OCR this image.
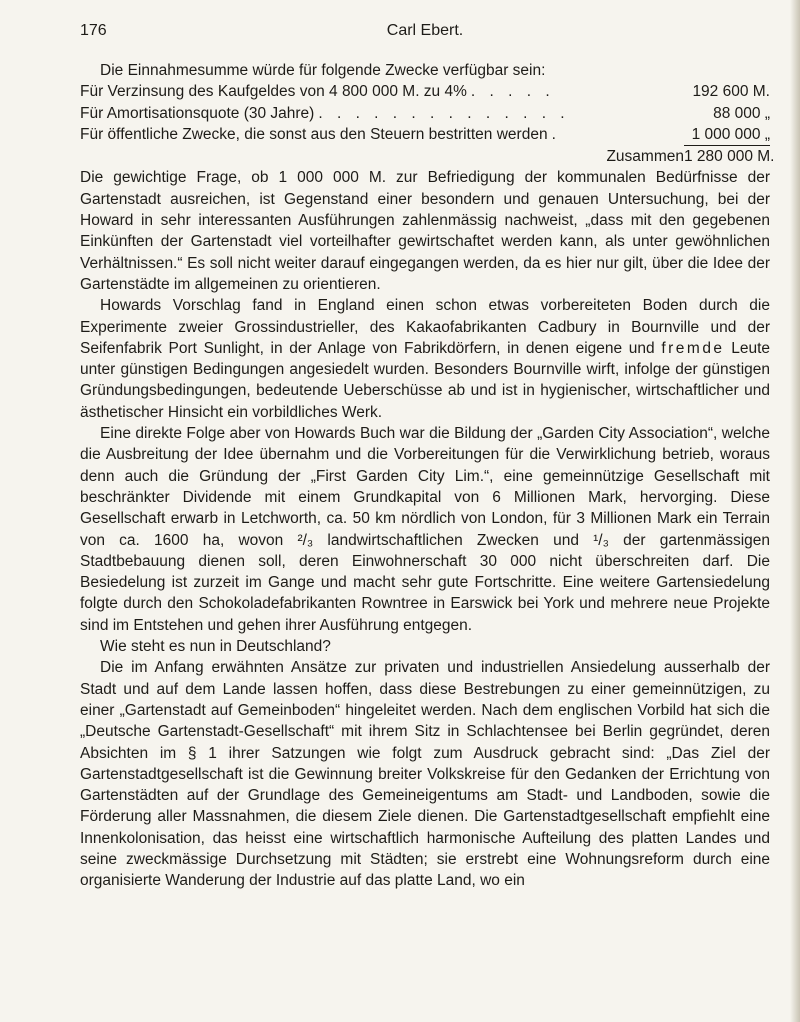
176	Carl Ebert.
Die Einnahmesumme würde für folgende Zwecke verfügbar sein:
Für Verzinsung des Kaufgeldes von 4 800 000 M. zu 4% . . . . .	192 600 M.
Für Amortisationsquote (30 Jahre) . . . . . . . . . . . . . .	88 000 „
Für öffentliche Zwecke, die sonst aus den Steuern bestritten werden .	1 000 000 „
Zusammen 1 280 000 M.

Die gewichtige Frage, ob 1 000 000 M. zur Befriedigung der kommunalen Bedürfnisse der Gartenstadt ausreichen, ist Gegenstand einer besondern und genauen Untersuchung, bei der Howard in sehr interessanten Ausführungen zahlenmässig nachweist, „dass mit den gegebenen Einkünften der Gartenstadt viel vorteilhafter gewirtschaftet werden kann, als unter gewöhnlichen Verhältnissen.“ Es soll nicht weiter darauf eingegangen werden, da es hier nur gilt, über die Idee der Gartenstädte im allgemeinen zu orientieren.

Howards Vorschlag fand in England einen schon etwas vorbereiteten Boden durch die Experimente zweier Grossindustrieller, des Kakaofabrikanten Cadbury in Bournville und der Seifenfabrik Port Sunlight, in der Anlage von Fabrikdörfern, in denen eigene und fremde Leute unter günstigen Bedingungen angesiedelt wurden. Besonders Bournville wirft, infolge der günstigen Gründungsbedingungen, bedeutende Ueberschüsse ab und ist in hygienischer, wirtschaftlicher und ästhetischer Hinsicht ein vorbildliches Werk.

Eine direkte Folge aber von Howards Buch war die Bildung der „Garden City Association“, welche die Ausbreitung der Idee übernahm und die Vorbereitungen für die Verwirklichung betrieb, woraus denn auch die Gründung der „First Garden City Lim.“, eine gemeinnützige Gesellschaft mit beschränkter Dividende mit einem Grundkapital von 6 Millionen Mark, hervorging. Diese Gesellschaft erwarb in Letchworth, ca. 50 km nördlich von London, für 3 Millionen Mark ein Terrain von ca. 1600 ha, wovon ²/₃ landwirtschaftlichen Zwecken und ¹/₃ der gartenmässigen Stadtbebauung dienen soll, deren Einwohnerschaft 30 000 nicht überschreiten darf. Die Besiedelung ist zurzeit im Gange und macht sehr gute Fortschritte. Eine weitere Gartensiedelung folgte durch den Schokoladefabrikanten Rowntree in Earswick bei York und mehrere neue Projekte sind im Entstehen und gehen ihrer Ausführung entgegen.

Wie steht es nun in Deutschland?

Die im Anfang erwähnten Ansätze zur privaten und industriellen Ansiedelung ausserhalb der Stadt und auf dem Lande lassen hoffen, dass diese Bestrebungen zu einer gemeinnützigen, zu einer „Gartenstadt auf Gemeinboden“ hingeleitet werden. Nach dem englischen Vorbild hat sich die „Deutsche Gartenstadt-Gesellschaft“ mit ihrem Sitz in Schlachtensee bei Berlin gegründet, deren Absichten im § 1 ihrer Satzungen wie folgt zum Ausdruck gebracht sind: „Das Ziel der Gartenstadtgesellschaft ist die Gewinnung breiter Volkskreise für den Gedanken der Errichtung von Gartenstädten auf der Grundlage des Gemeineigentums am Stadt- und Landboden, sowie die Förderung aller Massnahmen, die diesem Ziele dienen. Die Gartenstadtgesellschaft empfiehlt eine Innenkolonisation, das heisst eine wirtschaftlich harmonische Aufteilung des platten Landes und seine zweckmässige Durchsetzung mit Städten; sie erstrebt eine Wohnungsreform durch eine organisierte Wanderung der Industrie auf das platte Land, wo ein
